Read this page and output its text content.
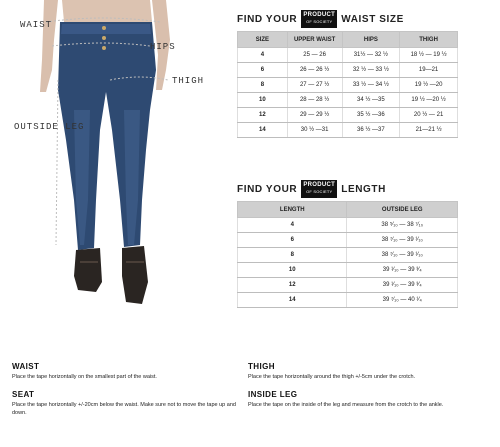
WAIST
HIPS
THIGH
OUTSIDE LEG
FIND YOUR	PRODUCT
OF SOCIETY WAIST SIZE
SIZE	UPPER WAIST	HIPS	THIGH
4	25 — 26	31½ — 32 ½	18 ½ — 19 ½
6	26 — 26 ½	32 ½ — 33 ½	19—21
8	27 — 27 ½	33 ½ — 34 ½	19 ½ —20
10	28 — 28 ½	34 ½ —35	19 ½ —20 ½
12	29 — 29 ½	35 ½ —36	20 ½ — 21
14	30 ½ —31	36 ½ —37	21—21 ½
FIND YOUR	PRODUCT
OF SOCIETY LENGTH
LENGTH	OUTSIDE LEG
4	38 ⁵⁄₁₀ — 38 ⁷⁄₁₀
6	38 ⁷⁄₁₀ — 39 ¹⁄₁₀
8	38 ⁷⁄₁₀ — 39 ¹⁄₁₀
10	39 ¹⁄₁₀ — 39 ³⁄₄
12	39 ¹⁄₁₀ — 39 ³⁄₄
14	39 ⁷⁄₁₀ — 40 ¹⁄₄
WAIST

Place the tape horizontally on the smallest part of the waist.

SEAT

Place the tape horizontally +/-20cm below the waist. Make sure not to move the tape up and down.

THIGH

Place the tape horizontally around the thigh +/-5cm under the crotch.

INSIDE LEG

Place the tape on the inside of the leg and measure from the crotch to the ankle.
